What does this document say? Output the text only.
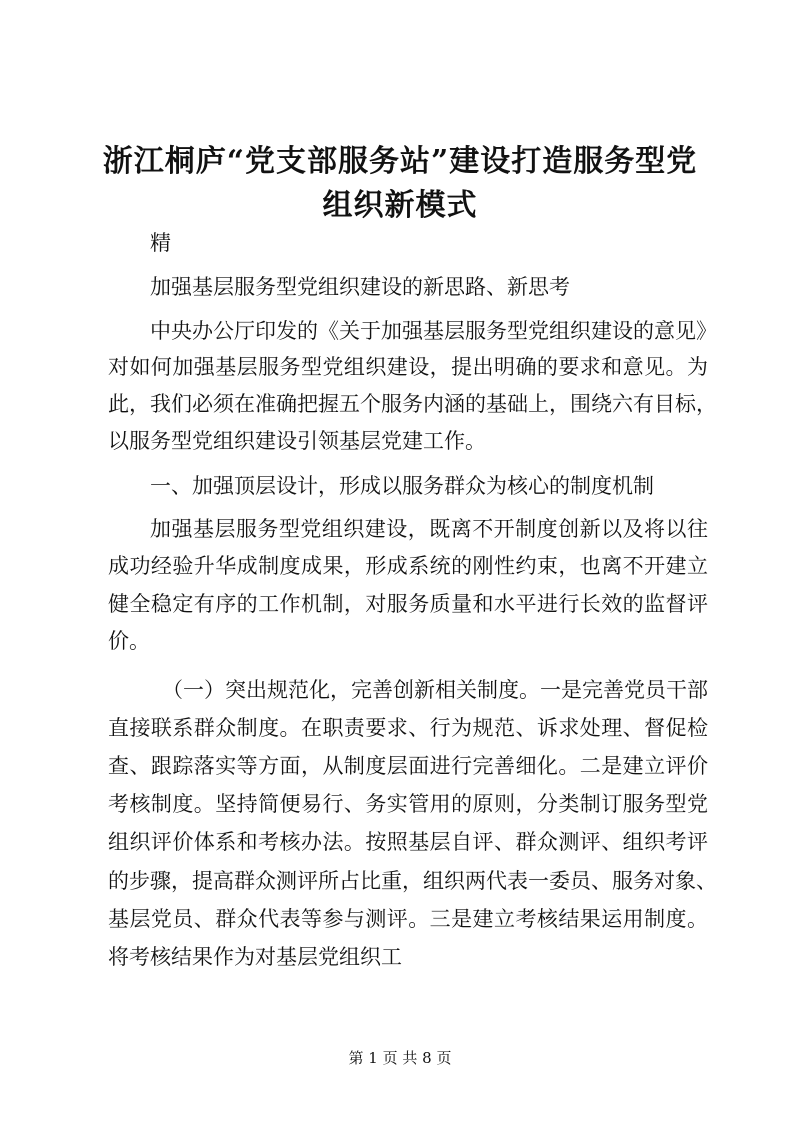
浙江桐庐“党支部服务站”建设打造服务型党
组织新模式
精
加强基层服务型党组织建设的新思路、新思考
中央办公厅印发的《关于加强基层服务型党组织建设的意见》
对如何加强基层服务型党组织建设，提出明确的要求和意见。为
此，我们必须在准确把握五个服务内涵的基础上，围绕六有目标，
以服务型党组织建设引领基层党建工作。
一、加强顶层设计，形成以服务群众为核心的制度机制
加强基层服务型党组织建设，既离不开制度创新以及将以往
成功经验升华成制度成果，形成系统的刚性约束，也离不开建立
健全稳定有序的工作机制，对服务质量和水平进行长效的监督评
价。
（一）突出规范化，完善创新相关制度。一是完善党员干部
直接联系群众制度。在职责要求、行为规范、诉求处理、督促检
查、跟踪落实等方面，从制度层面进行完善细化。二是建立评价
考核制度。坚持简便易行、务实管用的原则，分类制订服务型党
组织评价体系和考核办法。按照基层自评、群众测评、组织考评
的步骤，提高群众测评所占比重，组织两代表一委员、服务对象、
基层党员、群众代表等参与测评。三是建立考核结果运用制度。
将考核结果作为对基层党组织工
第 1 页 共 8 页
